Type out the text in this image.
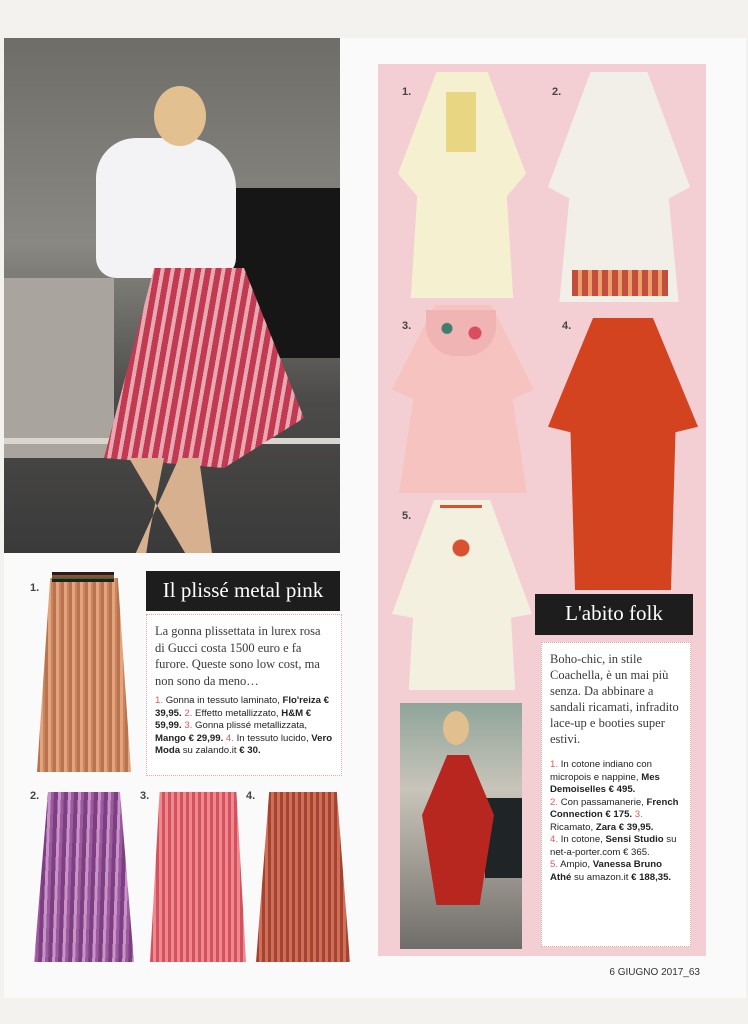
Il plissé metal pink
La gonna plissettata in lurex rosa di Gucci costa 1500 euro e fa furore. Queste sono low cost, ma non sono da meno…
1. Gonna in tessuto laminato, Flo'reiza € 39,95. 2. Effetto metallizzato, H&M € 59,99. 3. Gonna plissé metallizzata, Mango € 29,99. 4. In tessuto lucido, Vero Moda su zalando.it € 30.
1.
2.	3.	4.
1.	2.
3.	4.
5.
L'abito folk
Boho-chic, in stile Coachella, è un mai più senza. Da abbinare a sandali ricamati, infradito lace-up e booties super estivi.
1. In cotone indiano con micropois e nappine, Mes Demoiselles € 495.
2. Con passamanerie, French Connection € 175. 3. Ricamato, Zara € 39,95.
4. In cotone, Sensi Studio su net-a-porter.com € 365.
5. Ampio, Vanessa Bruno Athé su amazon.it € 188,35.
6 GIUGNO 2017_63
